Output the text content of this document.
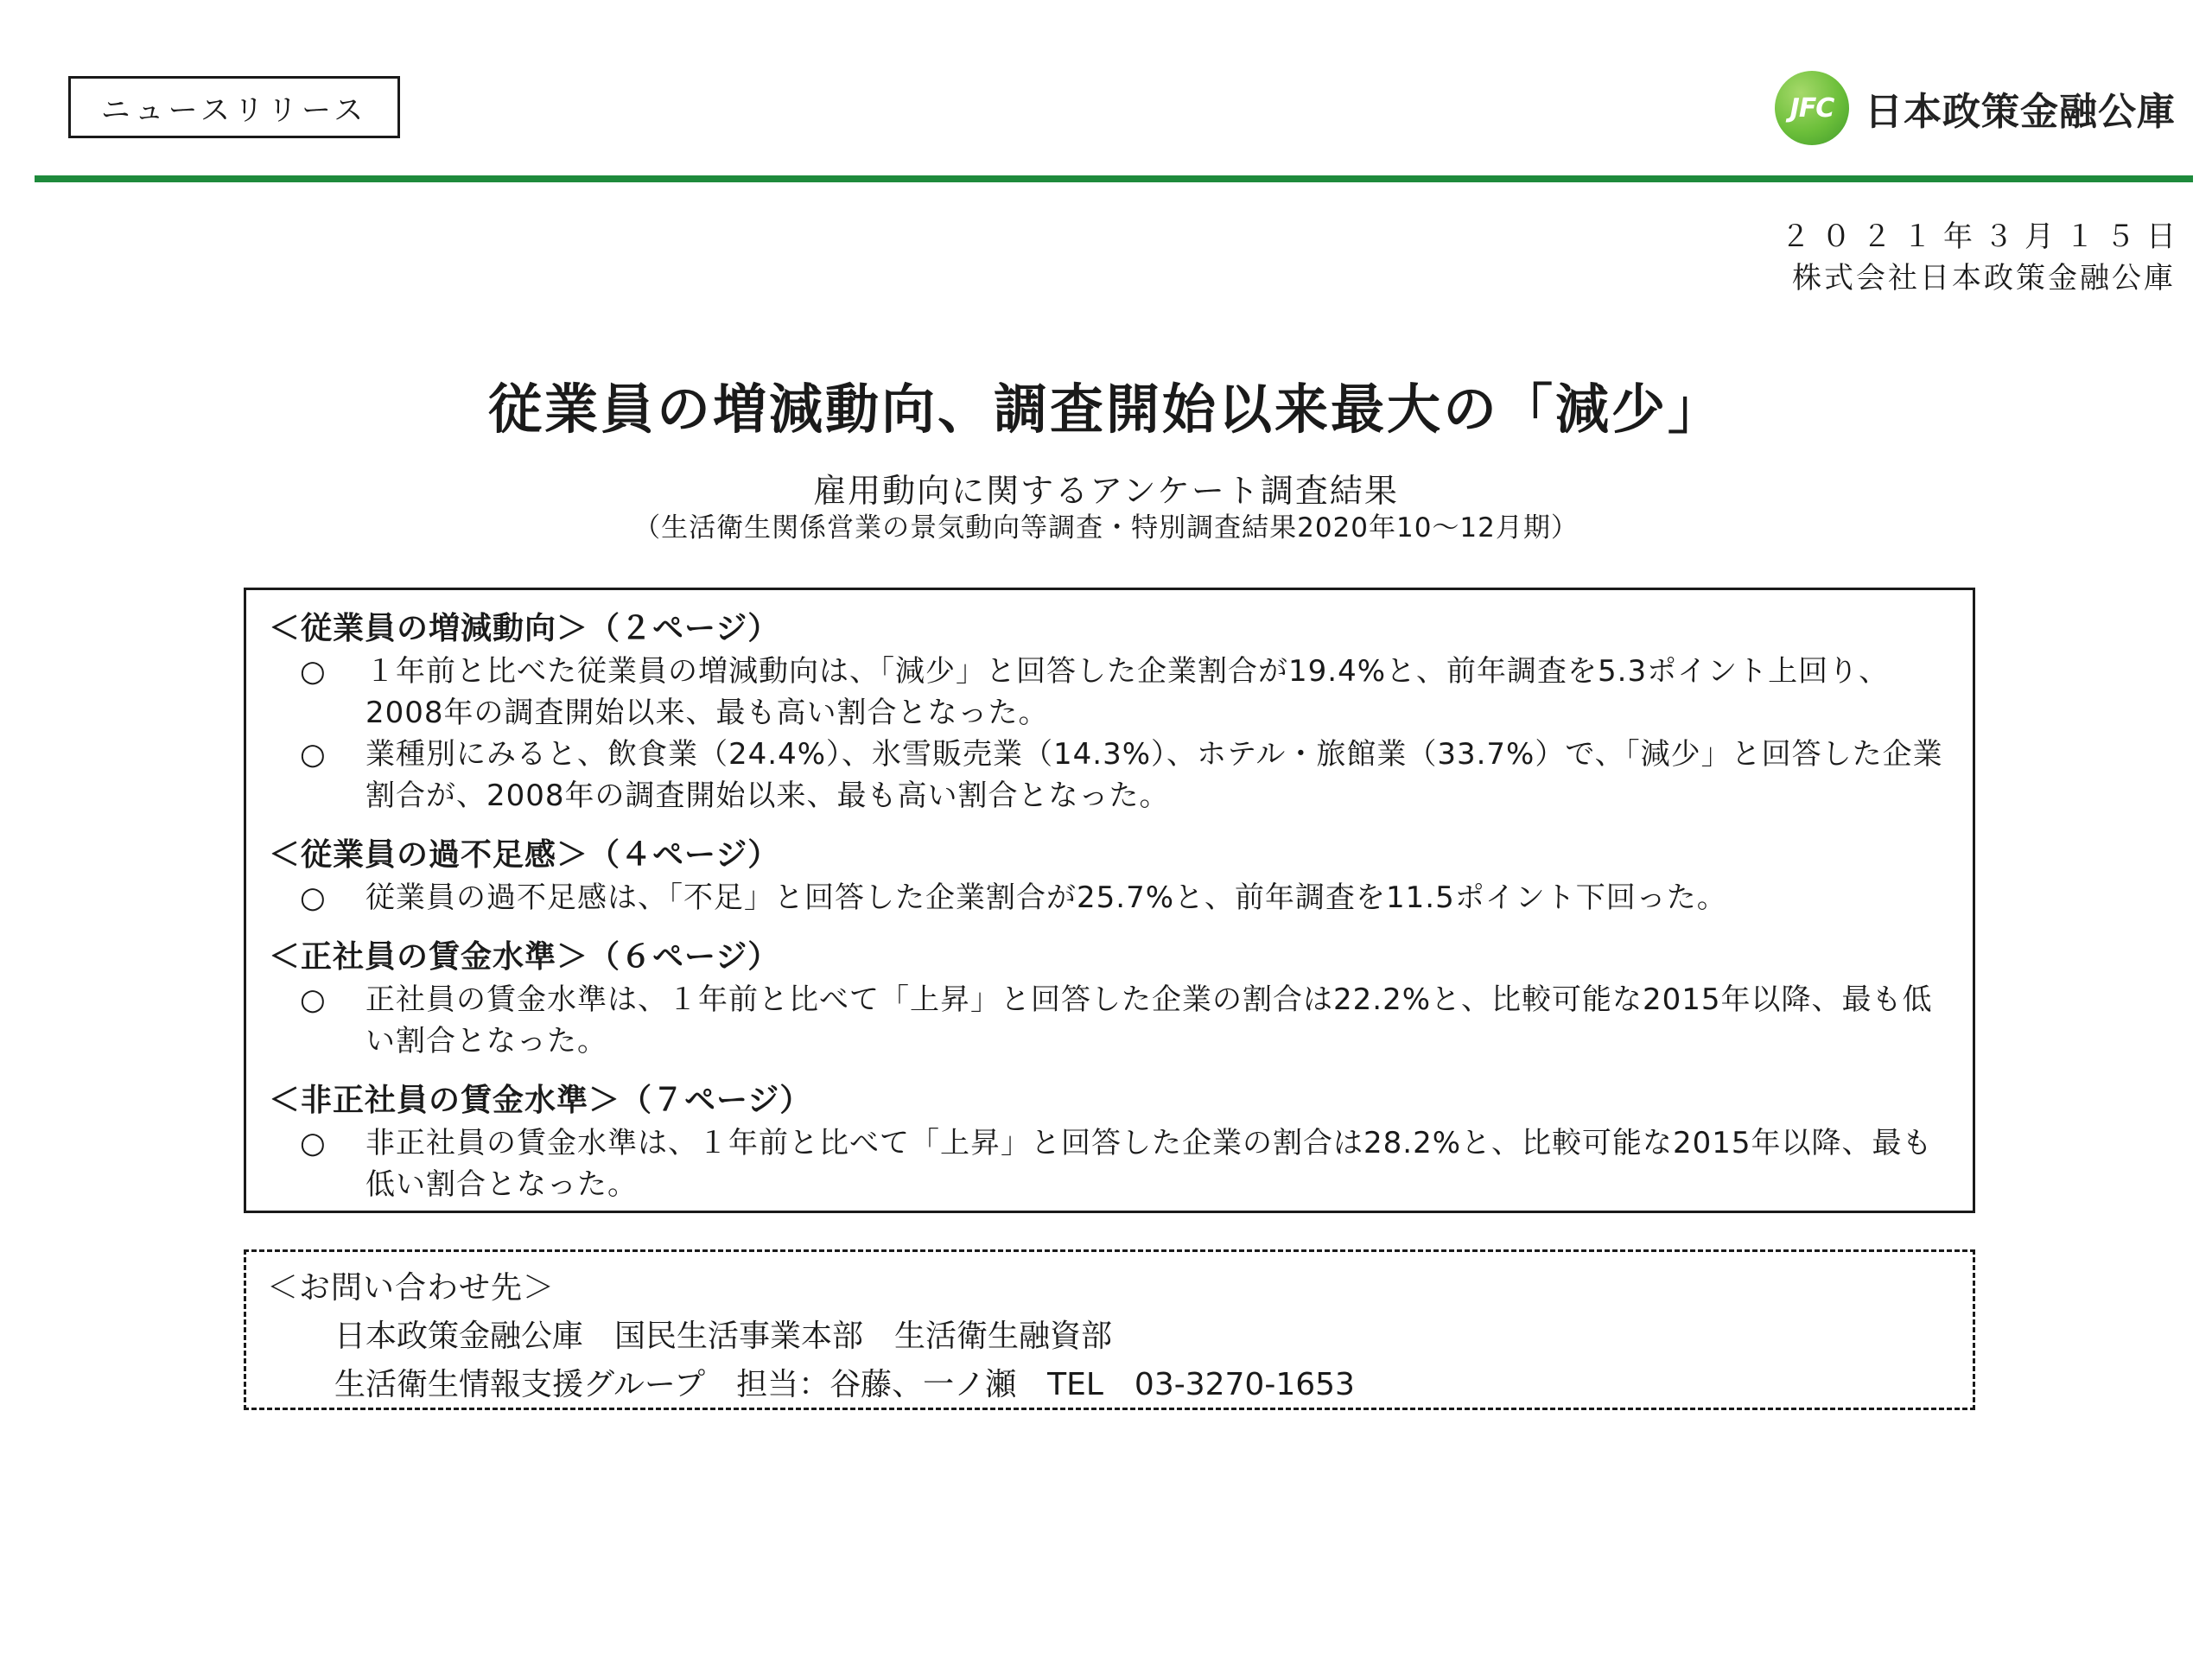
ニュースリリース	JFC 日本政策金融公庫
２０２１年３月１５日
株式会社日本政策金融公庫
従業員の増減動向、調査開始以来最大の「減少」
雇用動向に関するアンケート調査結果
（生活衛生関係営業の景気動向等調査・特別調査結果2020年10～12月期）
＜従業員の増減動向＞（２ページ）
○	１年前と比べた従業員の増減動向は、「減少」と回答した企業割合が19.4%と、前年調査を5.3ポイント上回り、2008年の調査開始以来、最も高い割合となった。
○	業種別にみると、飲食業（24.4%）、氷雪販売業（14.3%）、ホテル・旅館業（33.7%）で、「減少」と回答した企業割合が、2008年の調査開始以来、最も高い割合となった。
＜従業員の過不足感＞（４ページ）
○	従業員の過不足感は、「不足」と回答した企業割合が25.7%と、前年調査を11.5ポイント下回った。
＜正社員の賃金水準＞（６ページ）
○	正社員の賃金水準は、１年前と比べて「上昇」と回答した企業の割合は22.2%と、比較可能な2015年以降、最も低い割合となった。
＜非正社員の賃金水準＞（７ページ）
○	非正社員の賃金水準は、１年前と比べて「上昇」と回答した企業の割合は28.2%と、比較可能な2015年以降、最も低い割合となった。
＜お問い合わせ先＞
日本政策金融公庫　国民生活事業本部　生活衛生融資部
生活衛生情報支援グループ　担当：谷藤、一ノ瀬　TEL　03-3270-1653
